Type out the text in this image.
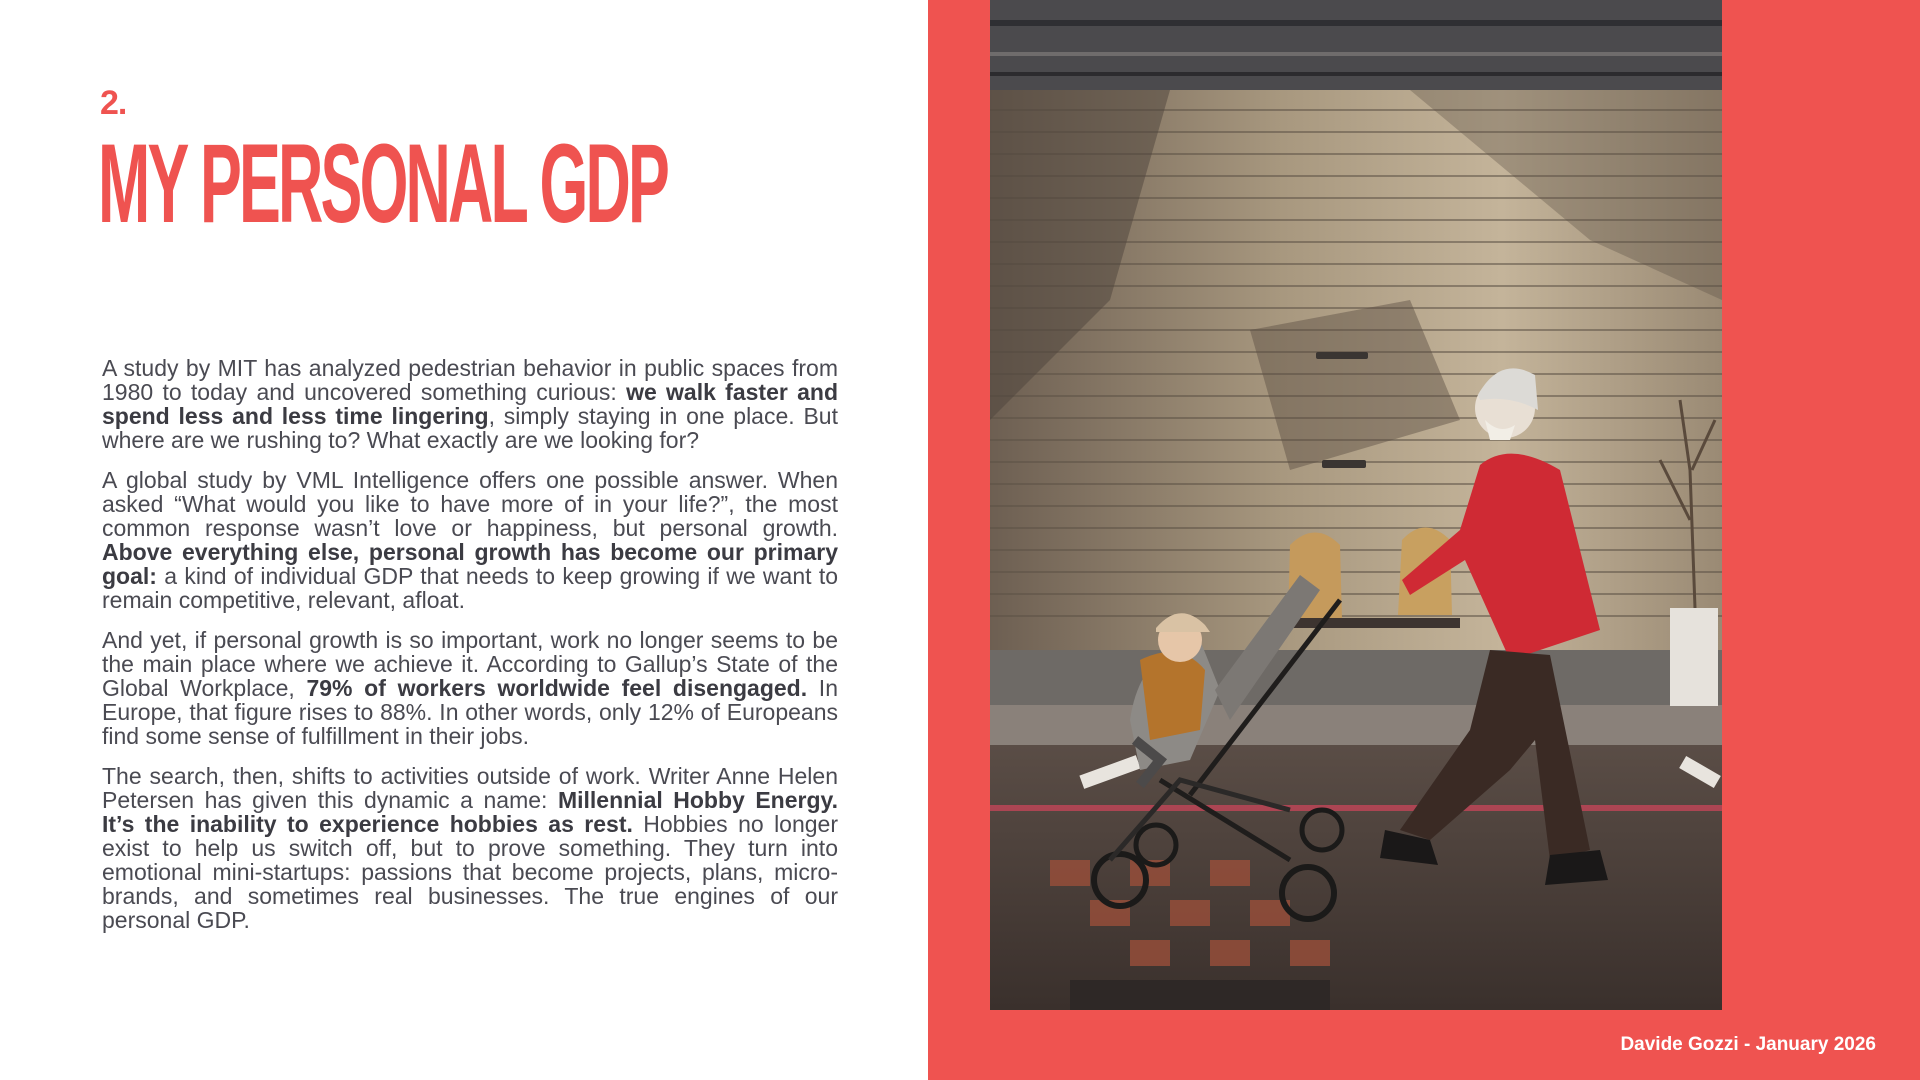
2.
MY PERSONAL GDP

A study by MIT has analyzed pedestrian behavior in public spaces from 1980 to today and uncovered something curious: we walk faster and spend less and less time lingering, simply staying in one place. But where are we rushing to? What exactly are we looking for?

A global study by VML Intelligence offers one possible answer. When asked “What would you like to have more of in your life?”, the most common response wasn’t love or happiness, but personal growth. Above everything else, personal growth has become our primary goal: a kind of individual GDP that needs to keep growing if we want to remain competitive, relevant, afloat.

And yet, if personal growth is so important, work no longer seems to be the main place where we achieve it. According to Gallup’s State of the Global Workplace, 79% of workers worldwide feel disengaged. In Europe, that figure rises to 88%. In other words, only 12% of Europeans find some sense of fulfillment in their jobs.

The search, then, shifts to activities outside of work. Writer Anne Helen Petersen has given this dynamic a name: Millennial Hobby Energy. It’s the inability to experience hobbies as rest. Hobbies no longer exist to help us switch off, but to prove something. They turn into emotional mini-startups: passions that become projects, plans, micro-brands, and sometimes real businesses. The true engines of our personal GDP.

Davide Gozzi - January 2026
